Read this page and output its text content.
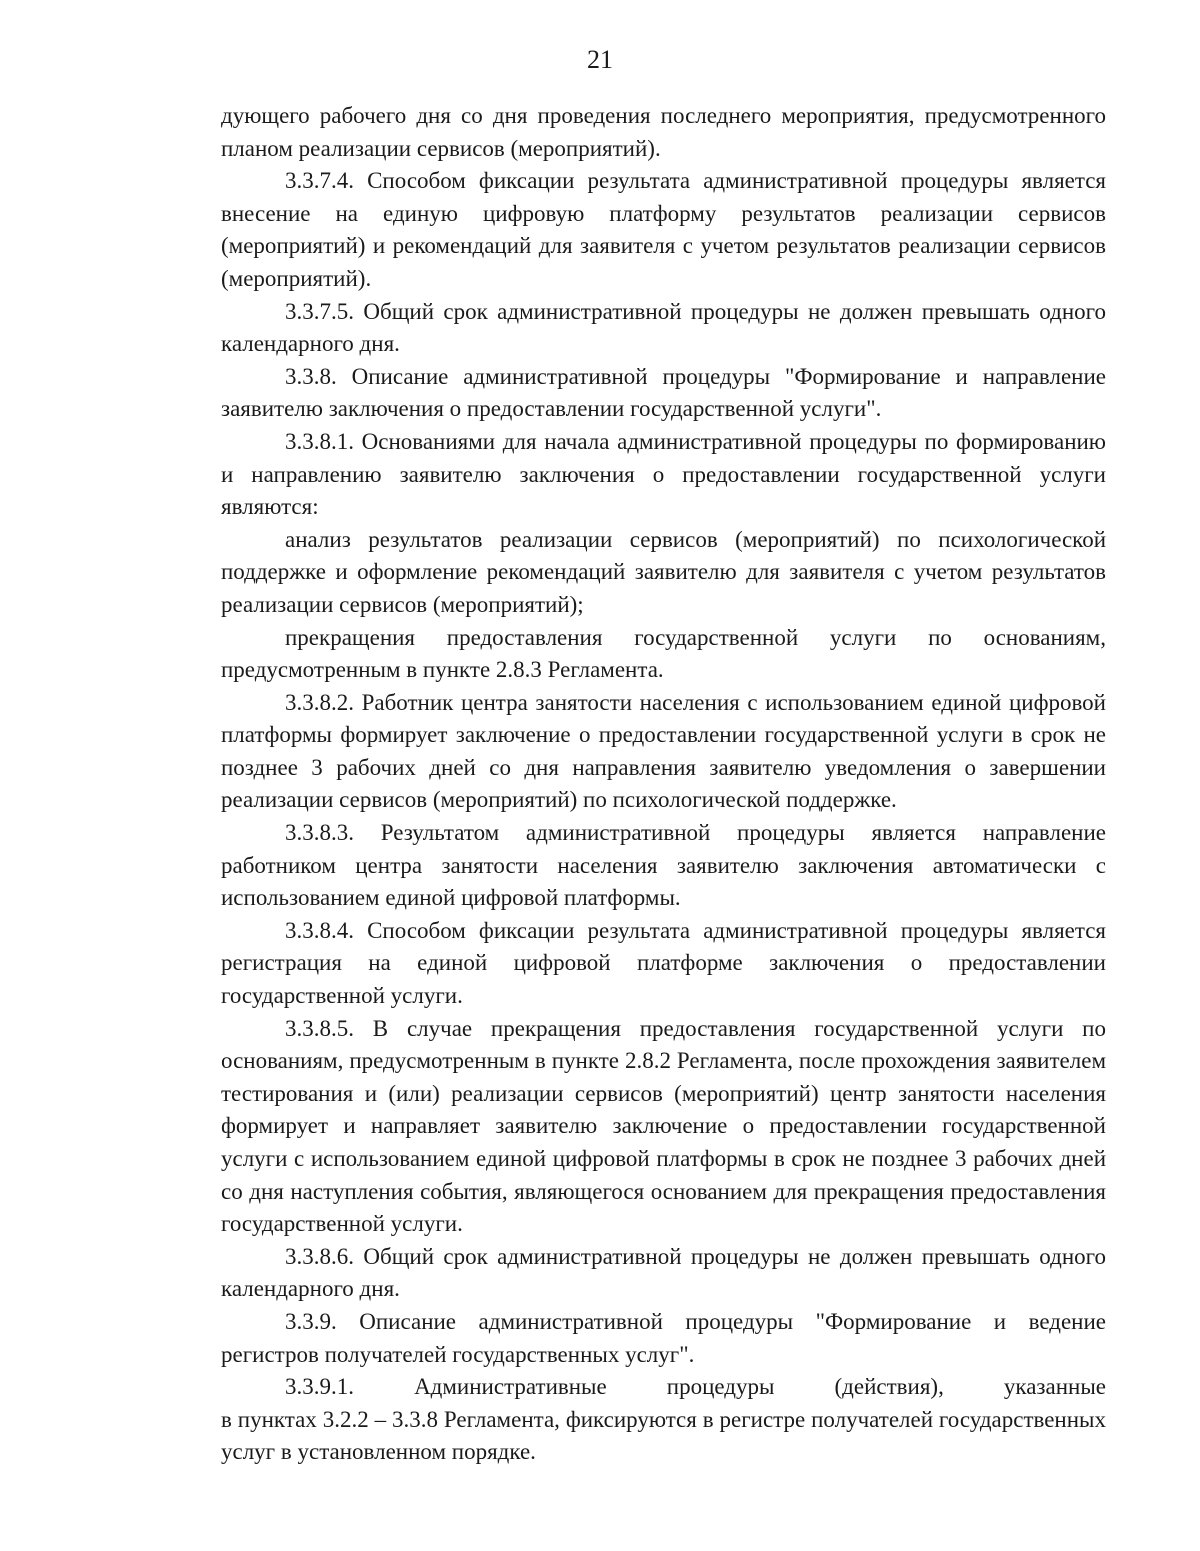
21

дующего рабочего дня со дня проведения последнего мероприятия, предусмотренного планом реализации сервисов (мероприятий).

3.3.7.4. Способом фиксации результата административной процедуры является внесение на единую цифровую платформу результатов реализации сервисов (мероприятий) и рекомендаций для заявителя с учетом результатов реализации сервисов (мероприятий).

3.3.7.5. Общий срок административной процедуры не должен превышать одного календарного дня.

3.3.8. Описание административной процедуры "Формирование и направление заявителю заключения о предоставлении государственной услуги".

3.3.8.1. Основаниями для начала административной процедуры по формированию и направлению заявителю заключения о предоставлении государственной услуги являются:

анализ результатов реализации сервисов (мероприятий) по психологической поддержке и оформление рекомендаций заявителю для заявителя с учетом результатов реализации сервисов (мероприятий);

прекращения предоставления государственной услуги по основаниям, предусмотренным в пункте 2.8.3 Регламента.

3.3.8.2. Работник центра занятости населения с использованием единой цифровой платформы формирует заключение о предоставлении государственной услуги в срок не позднее 3 рабочих дней со дня направления заявителю уведомления о завершении реализации сервисов (мероприятий) по психологической поддержке.

3.3.8.3. Результатом административной процедуры является направление работником центра занятости населения заявителю заключения автоматически с использованием единой цифровой платформы.

3.3.8.4. Способом фиксации результата административной процедуры является регистрация на единой цифровой платформе заключения о предоставлении государственной услуги.

3.3.8.5. В случае прекращения предоставления государственной услуги по основаниям, предусмотренным в пункте 2.8.2 Регламента, после прохождения заявителем тестирования и (или) реализации сервисов (мероприятий) центр занятости населения формирует и направляет заявителю заключение о предоставлении государственной услуги с использованием единой цифровой платформы в срок не позднее 3 рабочих дней со дня наступления события, являющегося основанием для прекращения предоставления государственной услуги.

3.3.8.6. Общий срок административной процедуры не должен превышать одного календарного дня.

3.3.9. Описание административной процедуры "Формирование и ведение регистров получателей государственных услуг".

3.3.9.1. Административные процедуры (действия), указанные

в пунктах 3.2.2 – 3.3.8 Регламента, фиксируются в регистре получателей государственных услуг в установленном порядке.
